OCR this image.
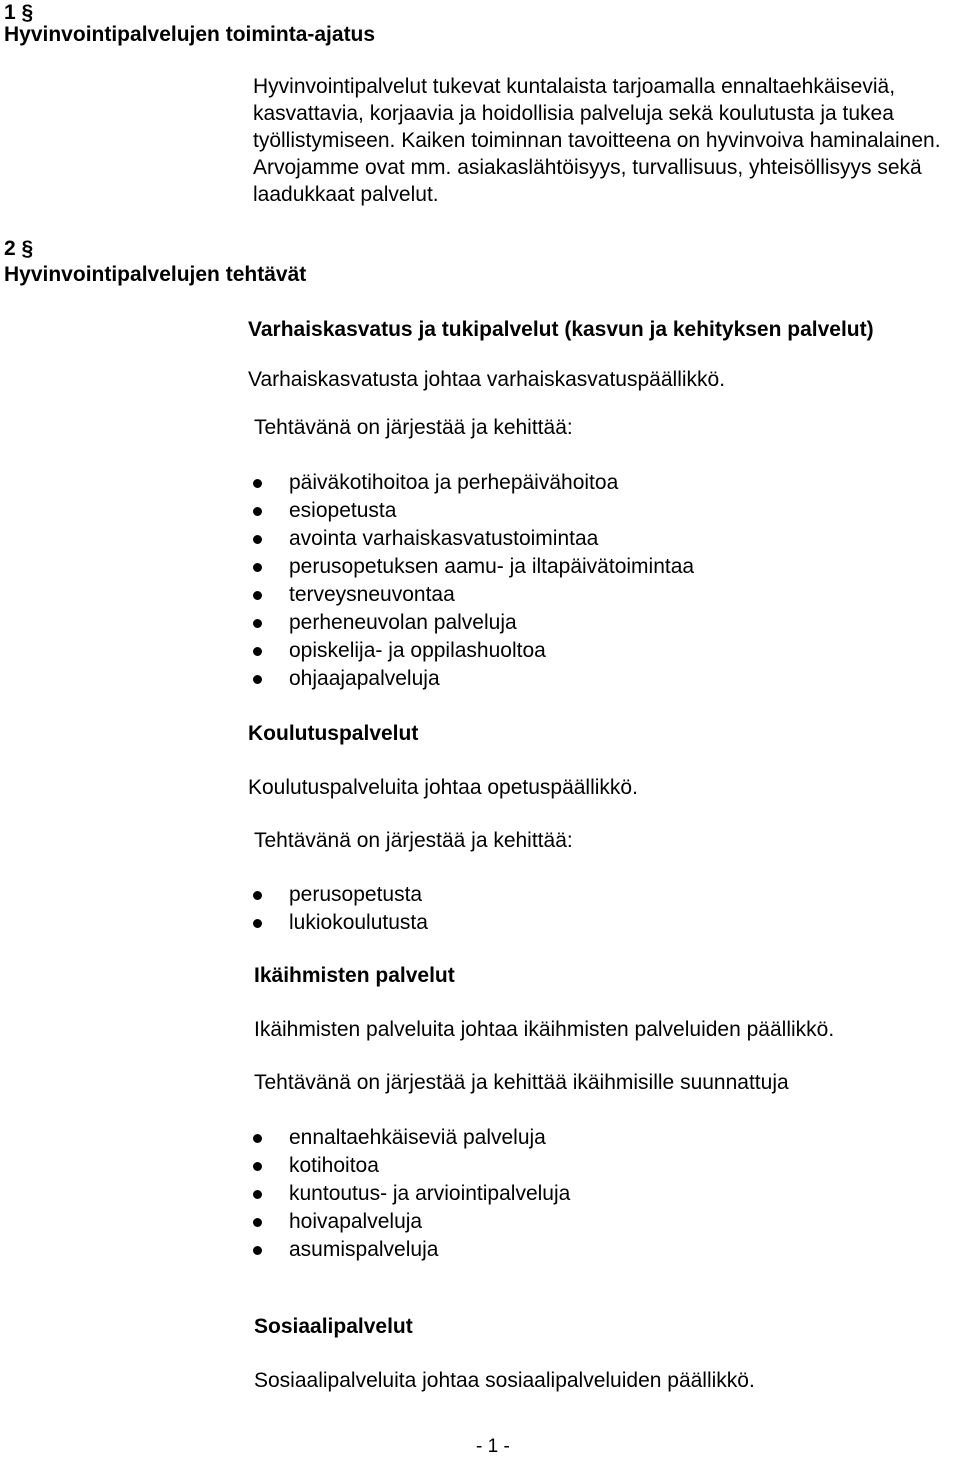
1 §
Hyvinvointipalvelujen toiminta-ajatus
Hyvinvointipalvelut tukevat kuntalaista tarjoamalla ennaltaehkäiseviä, kasvattavia, korjaavia ja hoidollisia palveluja sekä koulutusta ja tukea työllistymiseen. Kaiken toiminnan tavoitteena on hyvinvoiva haminalainen. Arvojamme ovat mm. asiakaslähtöisyys, turvallisuus, yhteisöllisyys sekä laadukkaat palvelut.
2 §
Hyvinvointipalvelujen tehtävät
Varhaiskasvatus ja tukipalvelut (kasvun ja kehityksen palvelut)
Varhaiskasvatusta johtaa varhaiskasvatuspäällikkö.
Tehtävänä on järjestää ja kehittää:
päiväkotihoitoa ja perhepäivähoitoa
esiopetusta
avointa varhaiskasvatustoimintaa
perusopetuksen aamu- ja iltapäivätoimintaa
terveysneuvontaa
perheneuvolan palveluja
opiskelija- ja oppilashuoltoa
ohjaajapalveluja
Koulutuspalvelut
Koulutuspalveluita johtaa opetuspäällikkö.
Tehtävänä on järjestää ja kehittää:
perusopetusta
lukiokoulutusta
Ikäihmisten palvelut
Ikäihmisten palveluita johtaa ikäihmisten palveluiden päällikkö.
Tehtävänä on järjestää ja kehittää ikäihmisille suunnattuja
ennaltaehkäiseviä palveluja
kotihoitoa
kuntoutus- ja arviointipalveluja
hoivapalveluja
asumispalveluja
Sosiaalipalvelut
Sosiaalipalveluita johtaa sosiaalipalveluiden päällikkö.
- 1 -
